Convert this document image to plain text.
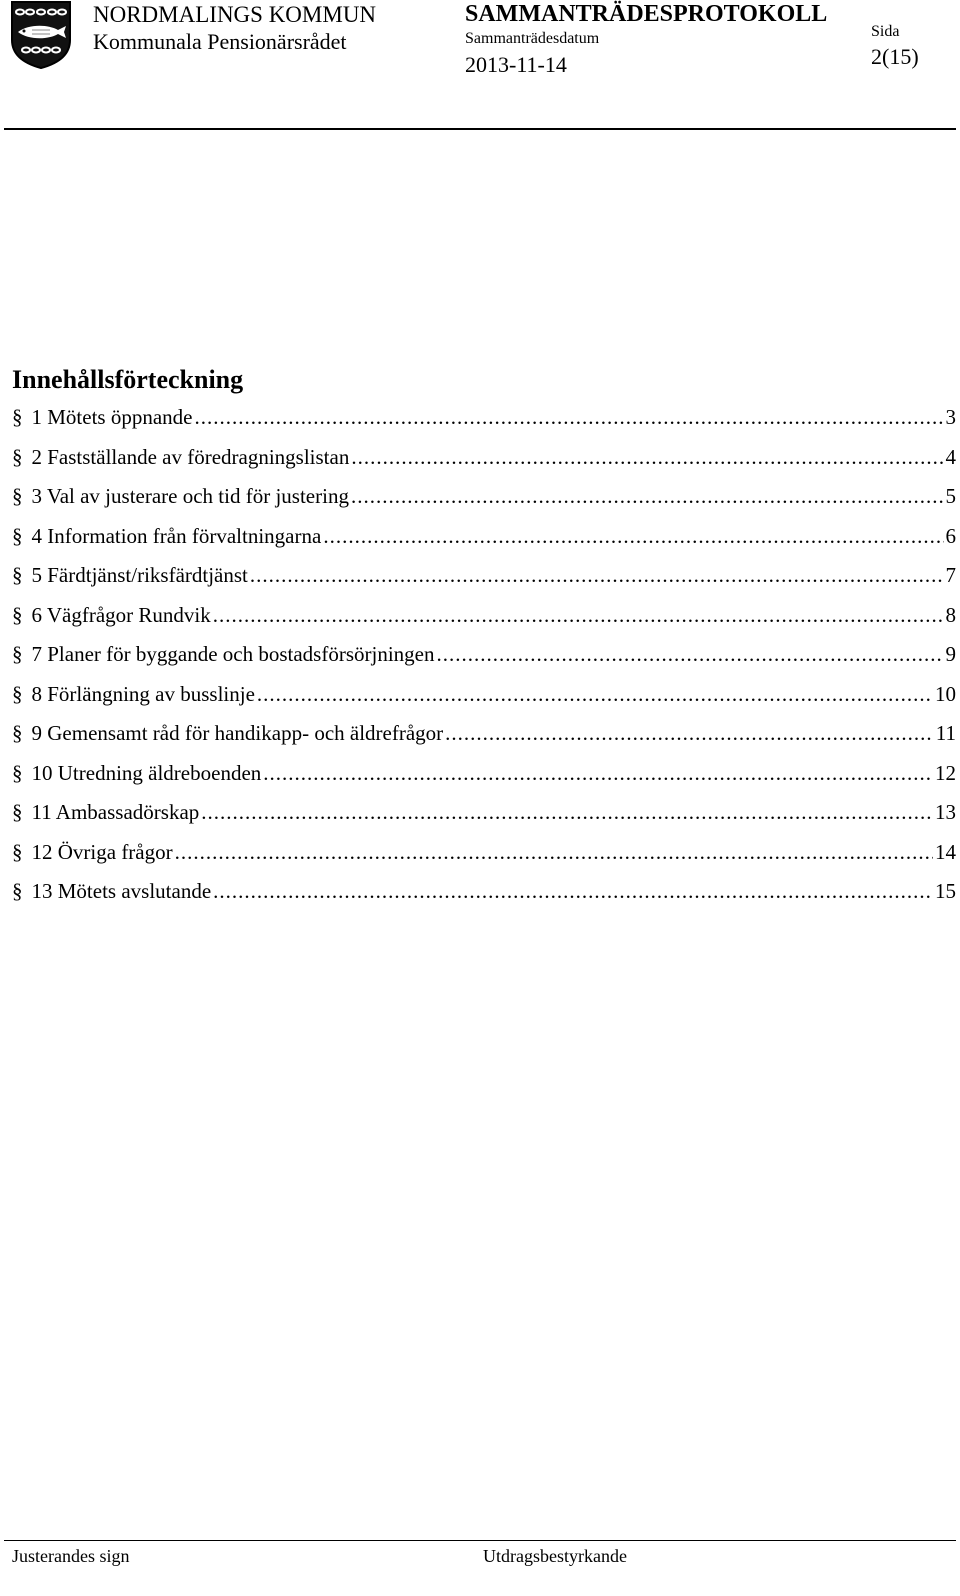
NORDMALINGS KOMMUN
Kommunala Pensionärsrådet
SAMMANTRÄDESPROTOKOLL
Sammanträdesdatum
2013-11-14
Sida
2(15)
Innehållsförteckning
§ 1 Mötets öppnande .....	3
§ 2 Fastställande av föredragningslistan .....	4
§ 3 Val av justerare och tid för justering .....	5
§ 4 Information från förvaltningarna .....	6
§ 5 Färdtjänst/riksfärdtjänst .....	7
§ 6 Vägfrågor Rundvik .....	8
§ 7 Planer för byggande och bostadsförsörjningen .....	9
§ 8 Förlängning av busslinje .....	10
§ 9 Gemensamt råd för handikapp- och äldrefrågor .....	11
§ 10 Utredning äldreboenden .....	12
§ 11 Ambassadörskap .....	13
§ 12 Övriga frågor .....	14
§ 13 Mötets avslutande .....	15
Justerandes sign	Utdragsbestyrkande
